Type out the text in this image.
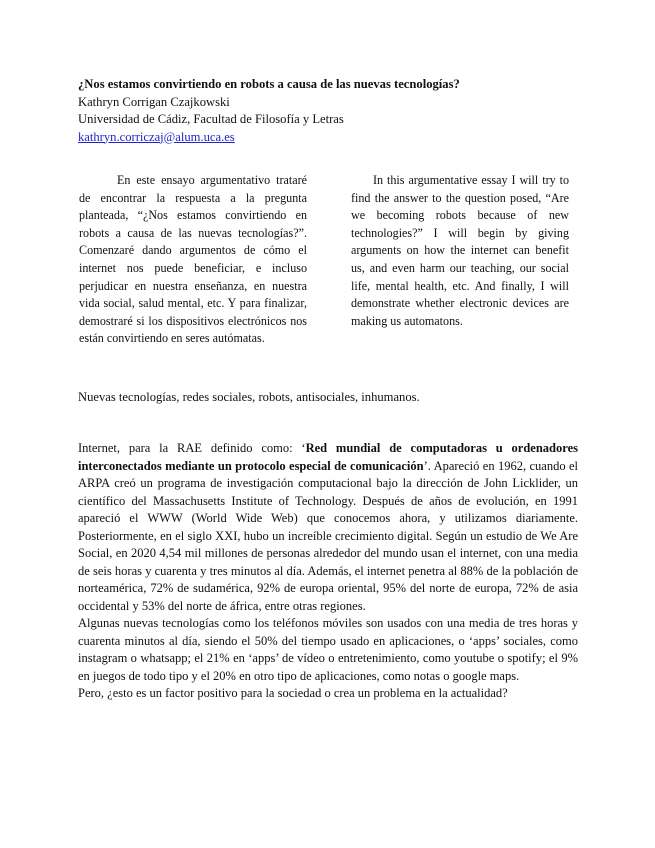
¿Nos estamos convirtiendo en robots a causa de las nuevas tecnologías?
Kathryn Corrigan Czajkowski
Universidad de Cádiz, Facultad de Filosofía y Letras
kathryn.corriczaj@alum.uca.es
En este ensayo argumentativo trataré de encontrar la respuesta a la pregunta planteada, “¿Nos estamos convirtiendo en robots a causa de las nuevas tecnologías?”. Comenzaré dando argumentos de cómo el internet nos puede beneficiar, e incluso perjudicar en nuestra enseñanza, en nuestra vida social, salud mental, etc. Y para finalizar, demostraré si los dispositivos electrónicos nos están convirtiendo en seres autómatas.
In this argumentative essay I will try to find the answer to the question posed, “Are we becoming robots because of new technologies?” I will begin by giving arguments on how the internet can benefit us, and even harm our teaching, our social life, mental health, etc. And finally, I will demonstrate whether electronic devices are making us automatons.
Nuevas tecnologías, redes sociales, robots, antisociales, inhumanos.

Internet, para la RAE definido como: ‘Red mundial de computadoras u ordenadores interconectados mediante un protocolo especial de comunicación’. Apareció en 1962, cuando el ARPA creó un programa de investigación computacional bajo la dirección de John Licklider, un científico del Massachusetts Institute of Technology. Después de años de evolución, en 1991 apareció el WWW (World Wide Web) que conocemos ahora, y utilizamos diariamente. Posteriormente, en el siglo XXI, hubo un increíble crecimiento digital. Según un estudio de We Are Social, en 2020 4,54 mil millones de personas alrededor del mundo usan el internet, con una media de seis horas y cuarenta y tres minutos al día. Además, el internet penetra al 88% de la población de norteamérica, 72% de sudamérica, 92% de europa oriental, 95% del norte de europa, 72% de asia occidental y 53% del norte de áfrica, entre otras regiones.

Algunas nuevas tecnologías como los teléfonos móviles son usados con una media de tres horas y cuarenta minutos al día, siendo el 50% del tiempo usado en aplicaciones, o ‘apps’ sociales, como instagram o whatsapp; el 21% en ‘apps’ de vídeo o entretenimiento, como youtube o spotify; el 9% en juegos de todo tipo y el 20% en otro tipo de aplicaciones, como notas o google maps.

Pero, ¿esto es un factor positivo para la sociedad o crea un problema en la actualidad?
